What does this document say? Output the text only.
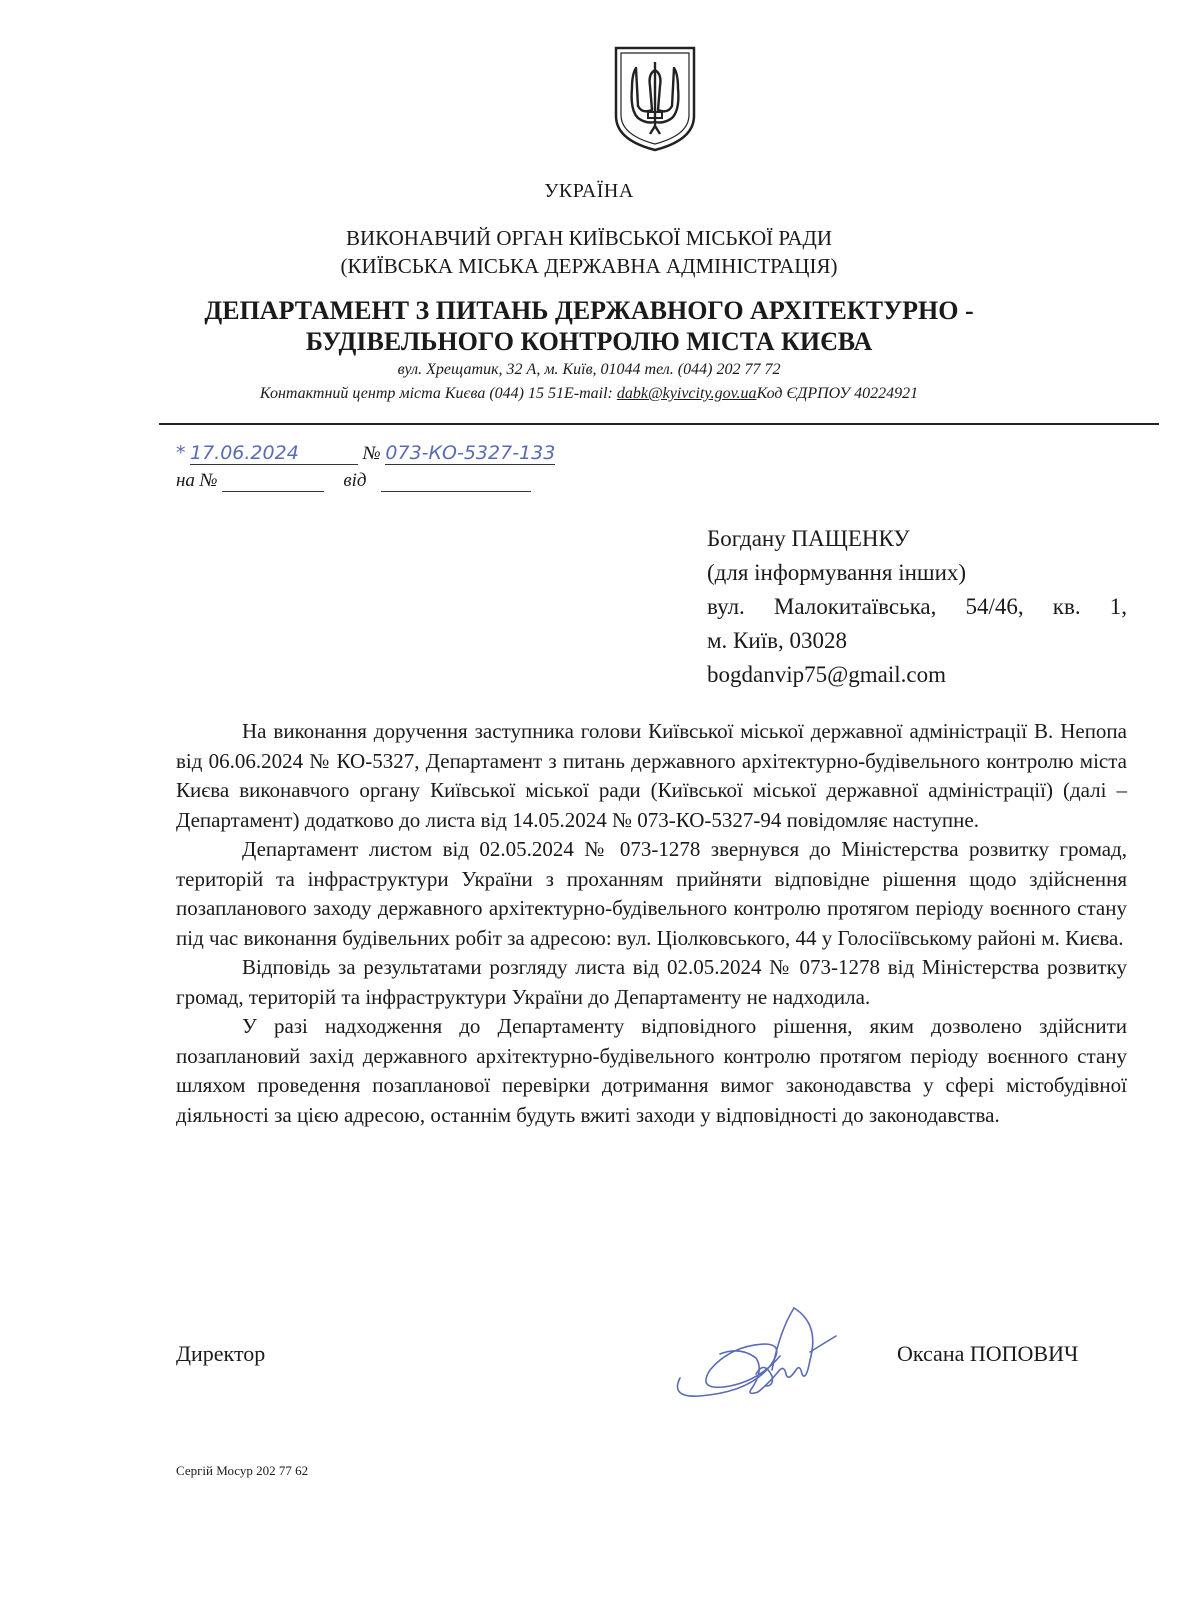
УКРАЇНА
ВИКОНАВЧИЙ ОРГАН КИЇВСЬКОЇ МІСЬКОЇ РАДИ
(КИЇВСЬКА МІСЬКА ДЕРЖАВНА АДМІНІСТРАЦІЯ)
ДЕПАРТАМЕНТ З ПИТАНЬ ДЕРЖАВНОГО АРХІТЕКТУРНО -
БУДІВЕЛЬНОГО КОНТРОЛЮ МІСТА КИЄВА
вул. Хрещатик, 32 А, м. Київ, 01044 тел. (044) 202 77 72
Контактний центр міста Києва (044) 15 51E-mail: dabk@kyivcity.gov.uaКод ЄДРПОУ 40224921
* 17.06.2024	№ 073-КО-5327-133
на №	від
Богдану ПАЩЕНКУ
(для інформування інших)
вул. Малокитаївська, 54/46, кв. 1,
м. Київ, 03028
bogdanvip75@gmail.com

На виконання доручення заступника голови Київської міської державної адміністрації В. Непопа від 06.06.2024 № КО-5327, Департамент з питань державного архітектурно-будівельного контролю міста Києва виконавчого органу Київської міської ради (Київської міської державної адміністрації) (далі – Департамент) додатково до листа від 14.05.2024 № 073-КО-5327-94 повідомляє наступне.

Департамент листом від 02.05.2024 № 073-1278 звернувся до Міністерства розвитку громад, територій та інфраструктури України з проханням прийняти відповідне рішення щодо здійснення позапланового заходу державного архітектурно-будівельного контролю протягом періоду воєнного стану під час виконання будівельних робіт за адресою: вул. Ціолковського, 44 у Голосіївському районі м. Києва.

Відповідь за результатами розгляду листа від 02.05.2024 № 073-1278 від Міністерства розвитку громад, територій та інфраструктури України до Департаменту не надходила.

У разі надходження до Департаменту відповідного рішення, яким дозволено здійснити позаплановий захід державного архітектурно-будівельного контролю протягом періоду воєнного стану шляхом проведення позапланової перевірки дотримання вимог законодавства у сфері містобудівної діяльності за цією адресою, останнім будуть вжиті заходи у відповідності до законодавства.

Директор	Оксана ПОПОВИЧ
Сергій Мосур 202 77 62
